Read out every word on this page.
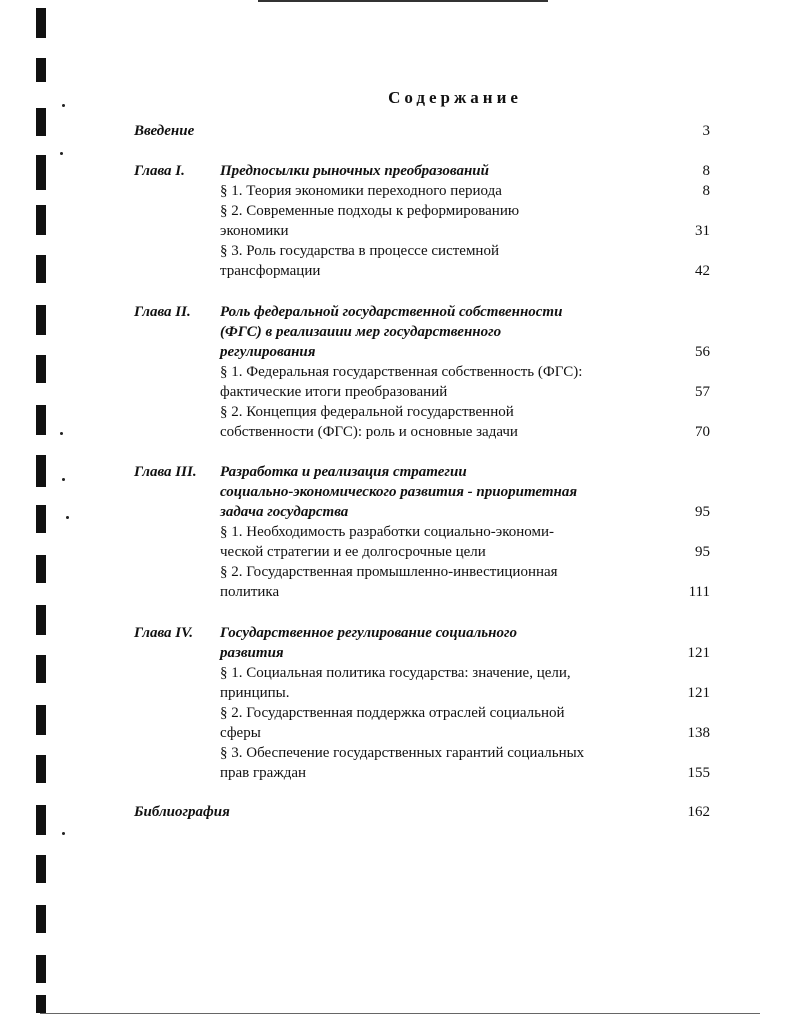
Содержание
Введение	3
Глава I. Предпосылки рыночных преобразований	8
§ 1. Теория экономики переходного периода	8
§ 2. Современные подходы к реформированию
экономики	31
§ 3. Роль государства в процессе системной
трансформации	42
Глава II. Роль федеральной государственной собственности
(ФГС) в реализаиии мер государственного
регулирования	56
§ 1. Федеральная государственная собственность (ФГС):
фактические итоги преобразований	57
§ 2. Концепция федеральной государственной
собственности (ФГС): роль и основные задачи	70
Глава III. Разработка и реализация стратегии
социально-экономического развития - приоритетная
задача государства	95
§ 1. Необходимость разработки социально-экономи-
ческой стратегии и ее долгосрочные цели	95
§ 2. Государственная промышленно-инвестиционная
политика	111
Глава IV. Государственное регулирование социального
развития	121
§ 1. Социальная политика государства: значение, цели,
принципы.	121
§ 2. Государственная поддержка отраслей социальной
сферы	138
§ 3. Обеспечение государственных гарантий социальных
прав граждан	155
Библиография	162
